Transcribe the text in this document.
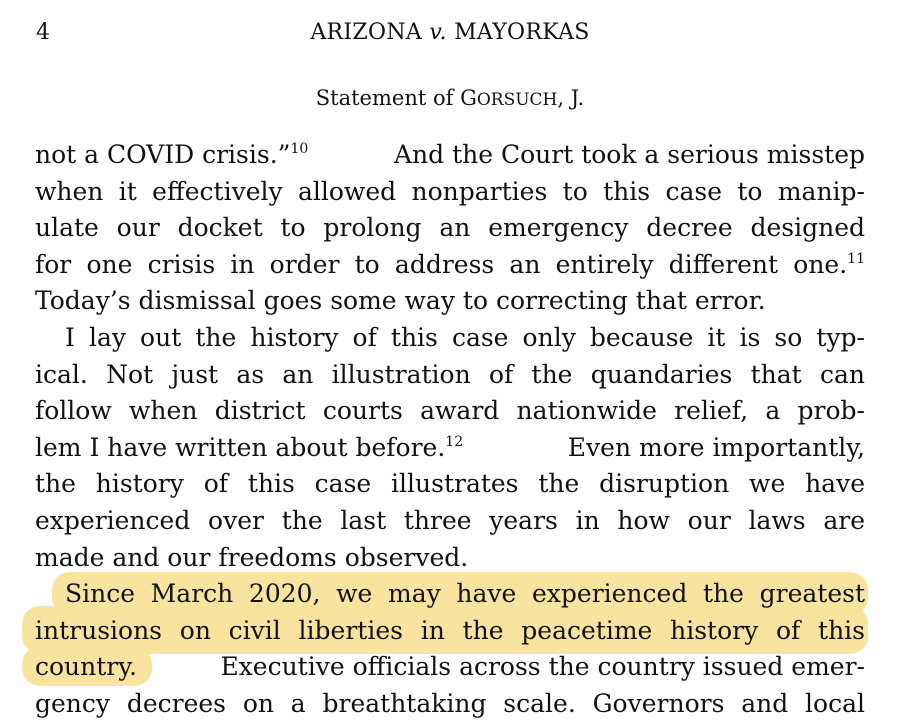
4	ARIZONA v. MAYORKAS
Statement of GORSUCH, J.
not a COVID crisis.”$^{10}$	And the Court took a serious misstep
when it effectively allowed nonparties to this case to manip-
ulate our docket to prolong an emergency decree designed
for one crisis in order to address an entirely different one.$^{11}$
Today’s dismissal goes some way to correcting that error.
I lay out the history of this case only because it is so typ-
ical. Not just as an illustration of the quandaries that can
follow when district courts award nationwide relief, a prob-
lem I have written about before.$^{12}$	Even more importantly,
the history of this case illustrates the disruption we have
experienced over the last three years in how our laws are
made and our freedoms observed.
Since March 2020, we may have experienced the greatest
intrusions on civil liberties in the peacetime history of this
country.	Executive officials across the country issued emer-
gency decrees on a breathtaking scale. Governors and local
